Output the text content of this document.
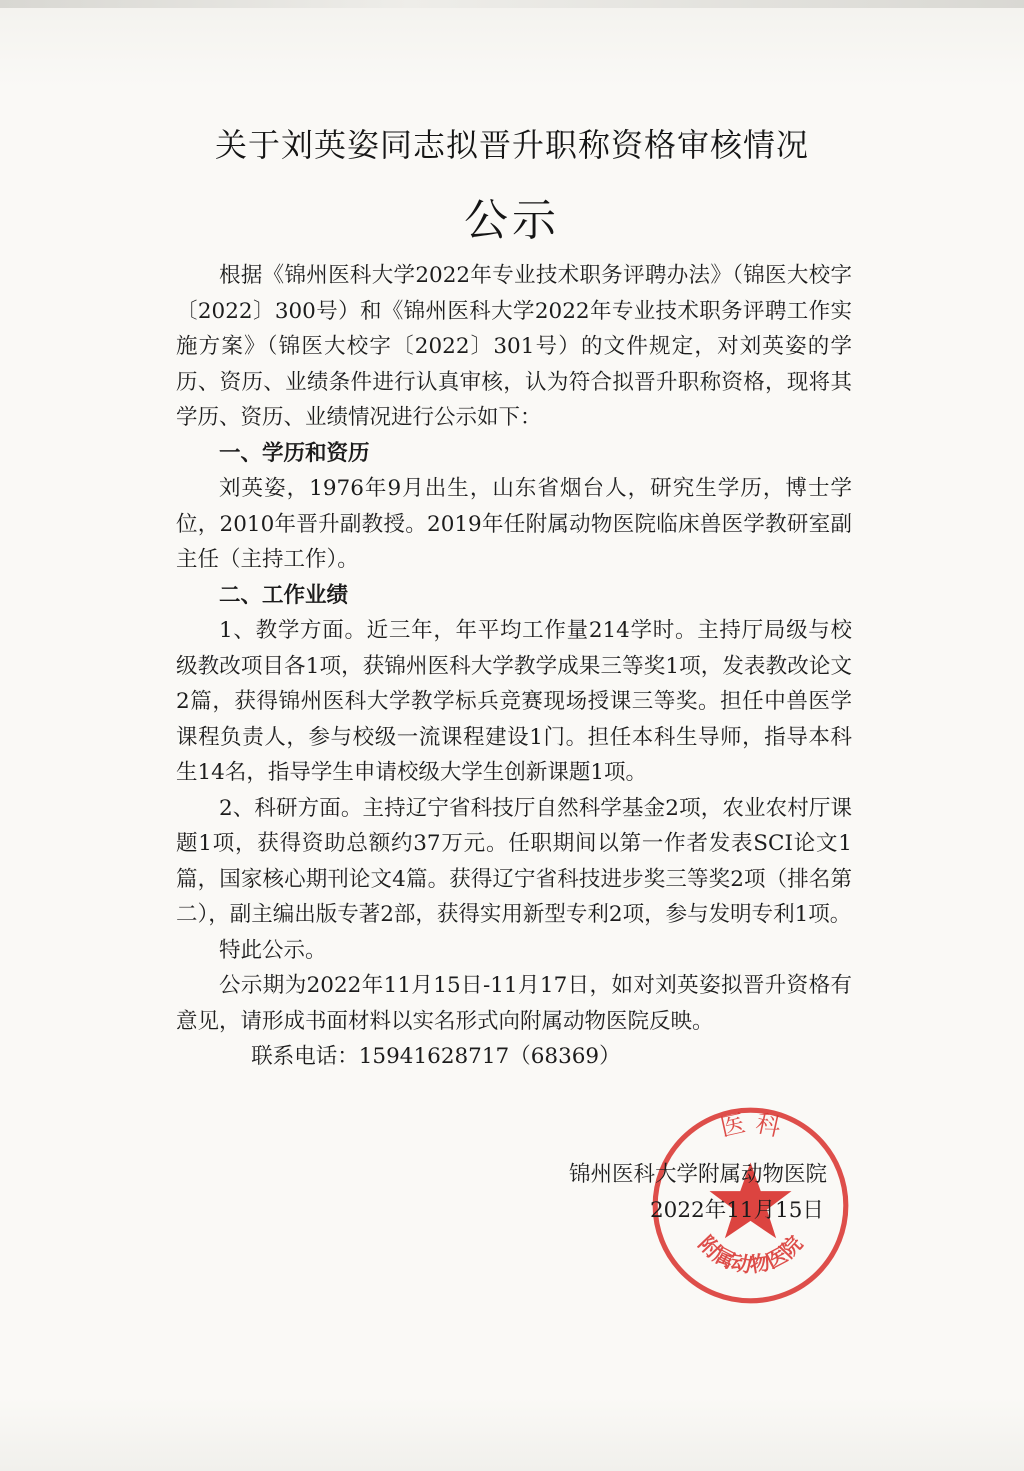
关于刘英姿同志拟晋升职称资格审核情况
公示

根据《锦州医科大学2022年专业技术职务评聘办法》（锦医大校字〔2022〕300号）和《锦州医科大学2022年专业技术职务评聘工作实施方案》（锦医大校字〔2022〕301号）的文件规定，对刘英姿的学历、资历、业绩条件进行认真审核，认为符合拟晋升职称资格，现将其学历、资历、业绩情况进行公示如下：

一、学历和资历

刘英姿，1976年9月出生，山东省烟台人，研究生学历，博士学位，2010年晋升副教授。2019年任附属动物医院临床兽医学教研室副主任（主持工作）。

二、工作业绩

1、教学方面。近三年，年平均工作量214学时。主持厅局级与校级教改项目各1项，获锦州医科大学教学成果三等奖1项，发表教改论文2篇，获得锦州医科大学教学标兵竞赛现场授课三等奖。担任中兽医学课程负责人，参与校级一流课程建设1门。担任本科生导师，指导本科生14名，指导学生申请校级大学生创新课题1项。

2、科研方面。主持辽宁省科技厅自然科学基金2项，农业农村厅课题1项，获得资助总额约37万元。任职期间以第一作者发表SCI论文1篇，国家核心期刊论文4篇。获得辽宁省科技进步奖三等奖2项（排名第二），副主编出版专著2部，获得实用新型专利2项，参与发明专利1项。

特此公示。

公示期为2022年11月15日-11月17日，如对刘英姿拟晋升资格有意见，请形成书面材料以实名形式向附属动物医院反映。

联系电话：15941628717（68369）

医 科
附属动物医院
锦州医科大学附属动物医院
2022年11月15日
